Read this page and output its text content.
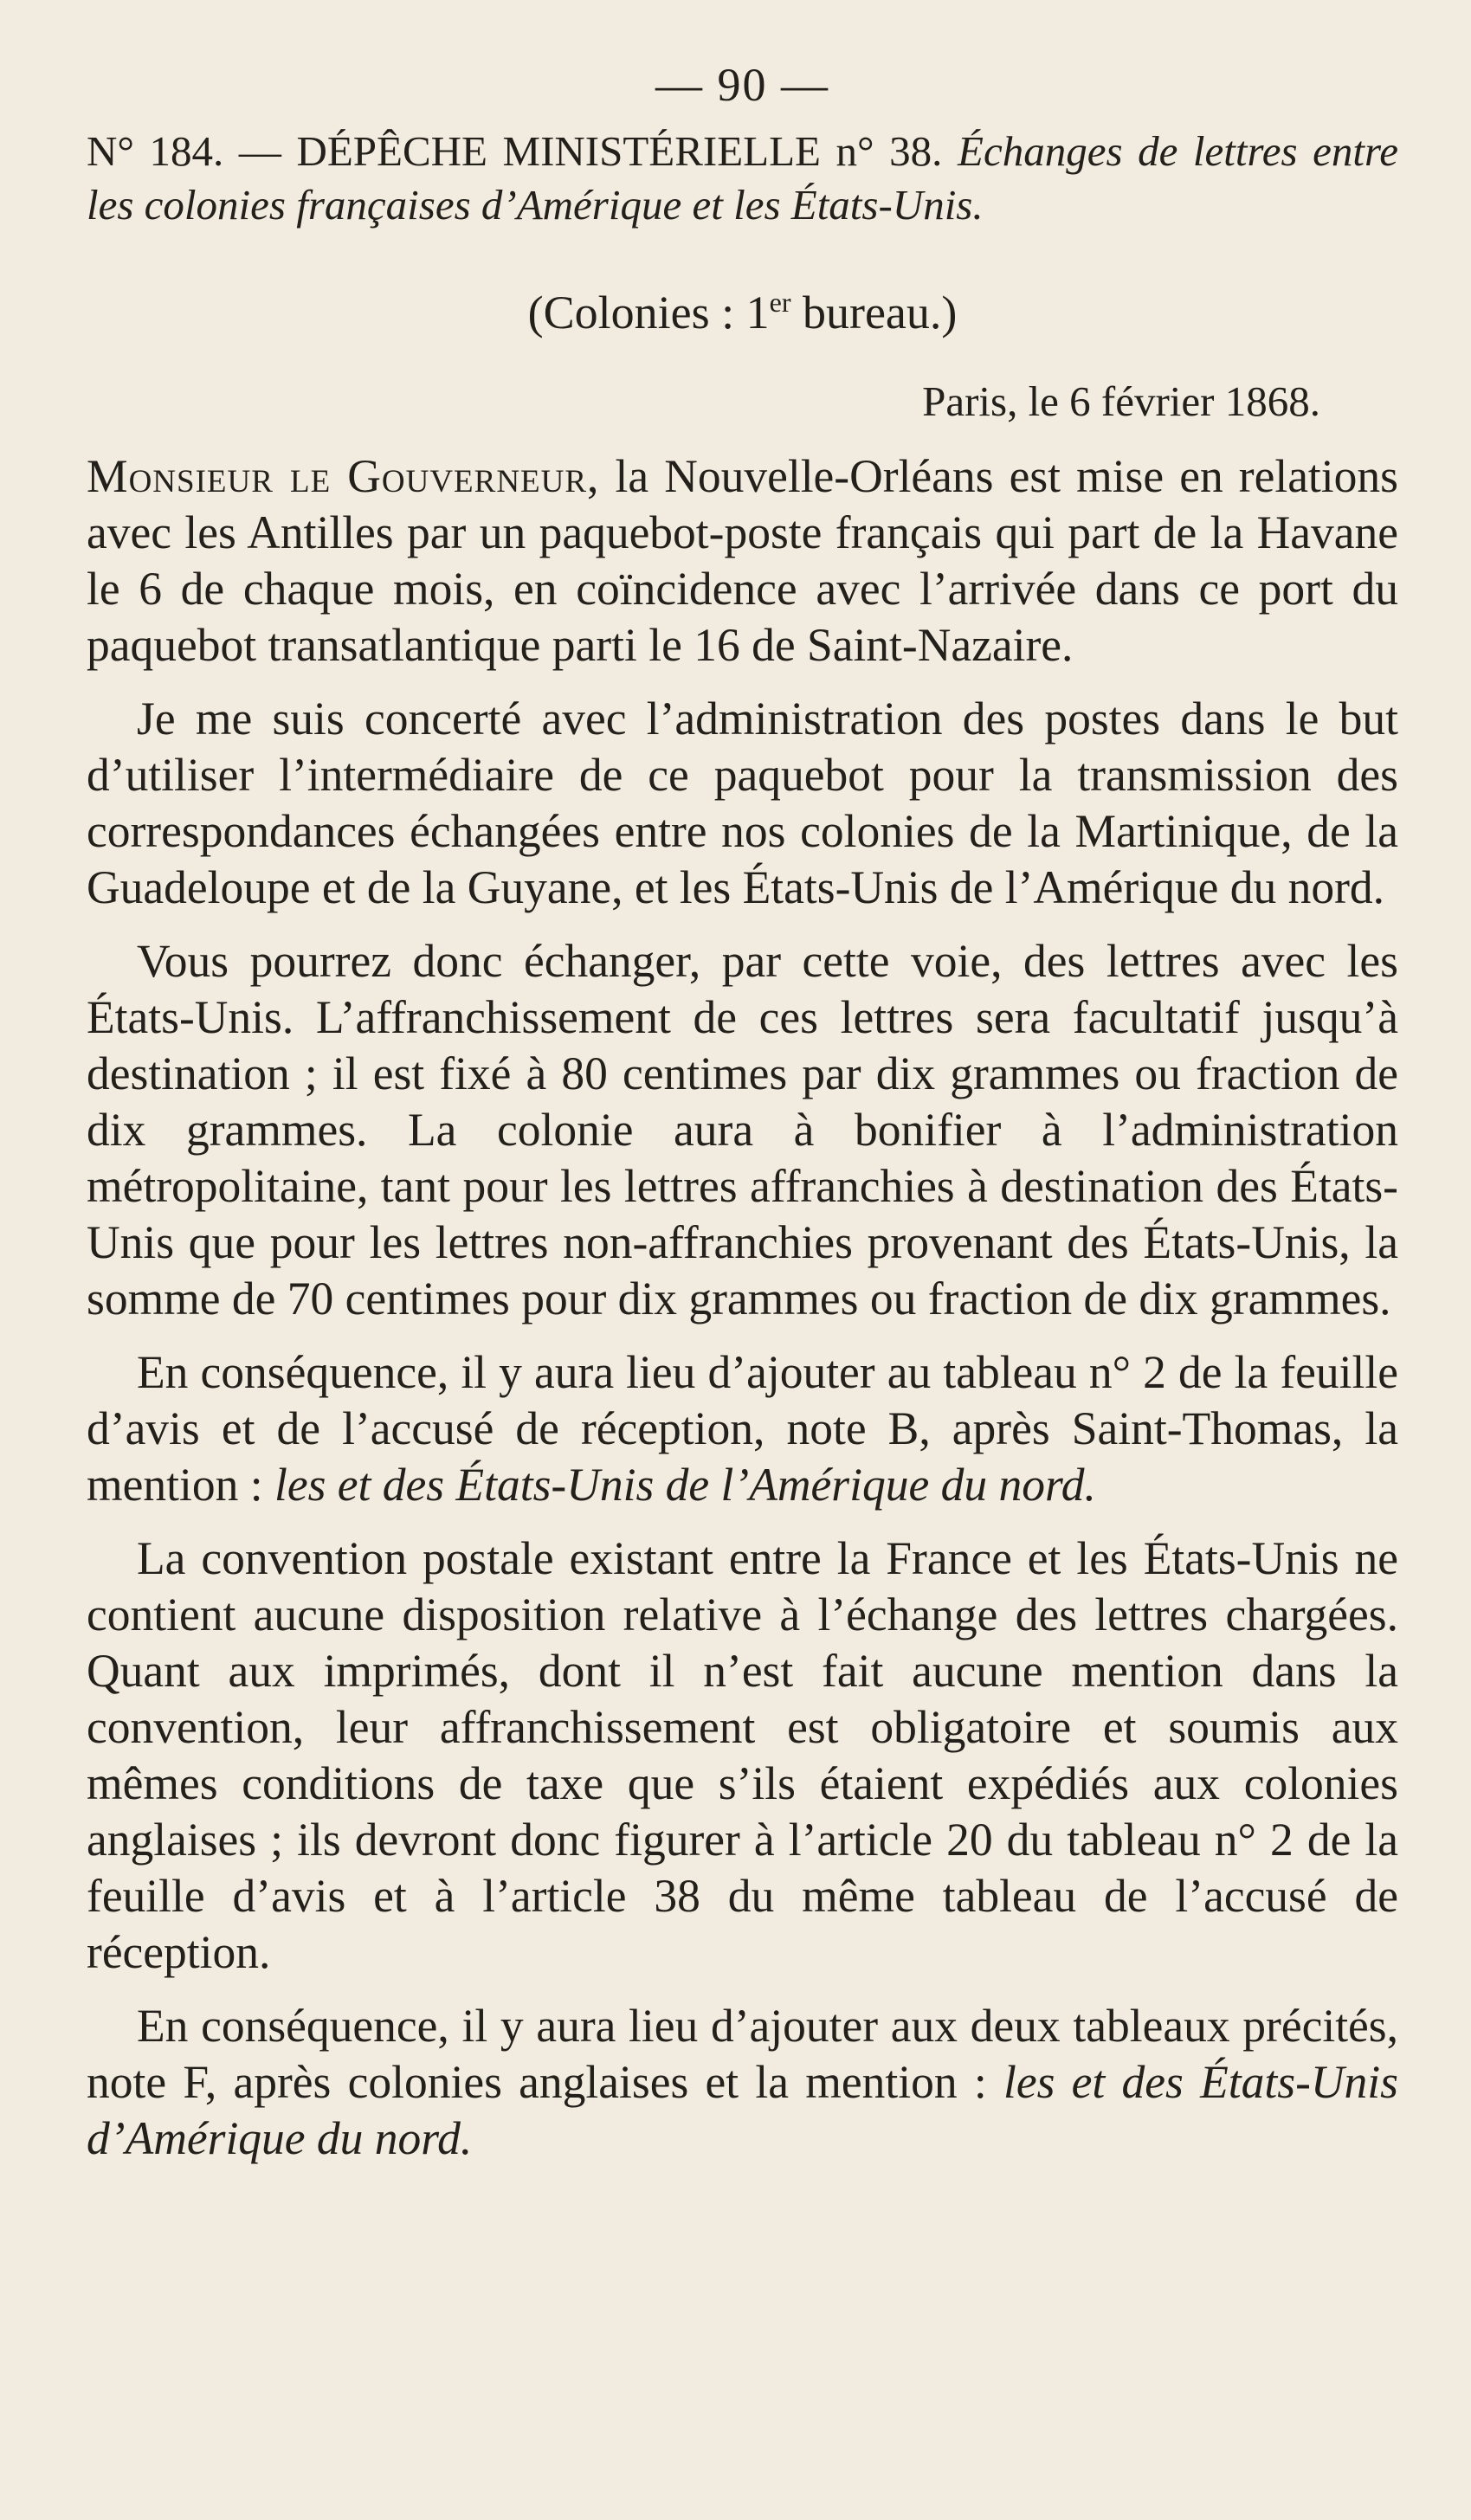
— 90 —

N° 184. — DÉPÊCHE MINISTÉRIELLE n° 38. Échanges de lettres entre les colonies françaises d’Amérique et les États-Unis.

(Colonies : 1er bureau.)
Paris, le 6 février 1868.

Monsieur le Gouverneur, la Nouvelle-Orléans est mise en relations avec les Antilles par un paquebot-poste français qui part de la Havane le 6 de chaque mois, en coïncidence avec l’arrivée dans ce port du paquebot transatlantique parti le 16 de Saint-Nazaire.

Je me suis concerté avec l’administration des postes dans le but d’utiliser l’intermédiaire de ce paquebot pour la transmission des correspondances échangées entre nos colonies de la Martinique, de la Guadeloupe et de la Guyane, et les États-Unis de l’Amérique du nord.

Vous pourrez donc échanger, par cette voie, des lettres avec les États-Unis. L’affranchissement de ces lettres sera facultatif jusqu’à destination ; il est fixé à 80 centimes par dix grammes ou fraction de dix grammes. La colonie aura à bonifier à l’administration métropolitaine, tant pour les lettres affranchies à destination des États-Unis que pour les lettres non-affranchies provenant des États-Unis, la somme de 70 centimes pour dix grammes ou fraction de dix grammes.

En conséquence, il y aura lieu d’ajouter au tableau n° 2 de la feuille d’avis et de l’accusé de réception, note B, après Saint-Thomas, la mention : les et des États-Unis de l’Amérique du nord.

La convention postale existant entre la France et les États-Unis ne contient aucune disposition relative à l’échange des lettres chargées. Quant aux imprimés, dont il n’est fait aucune mention dans la convention, leur affranchissement est obligatoire et soumis aux mêmes conditions de taxe que s’ils étaient expédiés aux colonies anglaises ; ils devront donc figurer à l’article 20 du tableau n° 2 de la feuille d’avis et à l’article 38 du même tableau de l’accusé de réception.

En conséquence, il y aura lieu d’ajouter aux deux tableaux précités, note F, après colonies anglaises et la mention : les et des États-Unis d’Amérique du nord.
